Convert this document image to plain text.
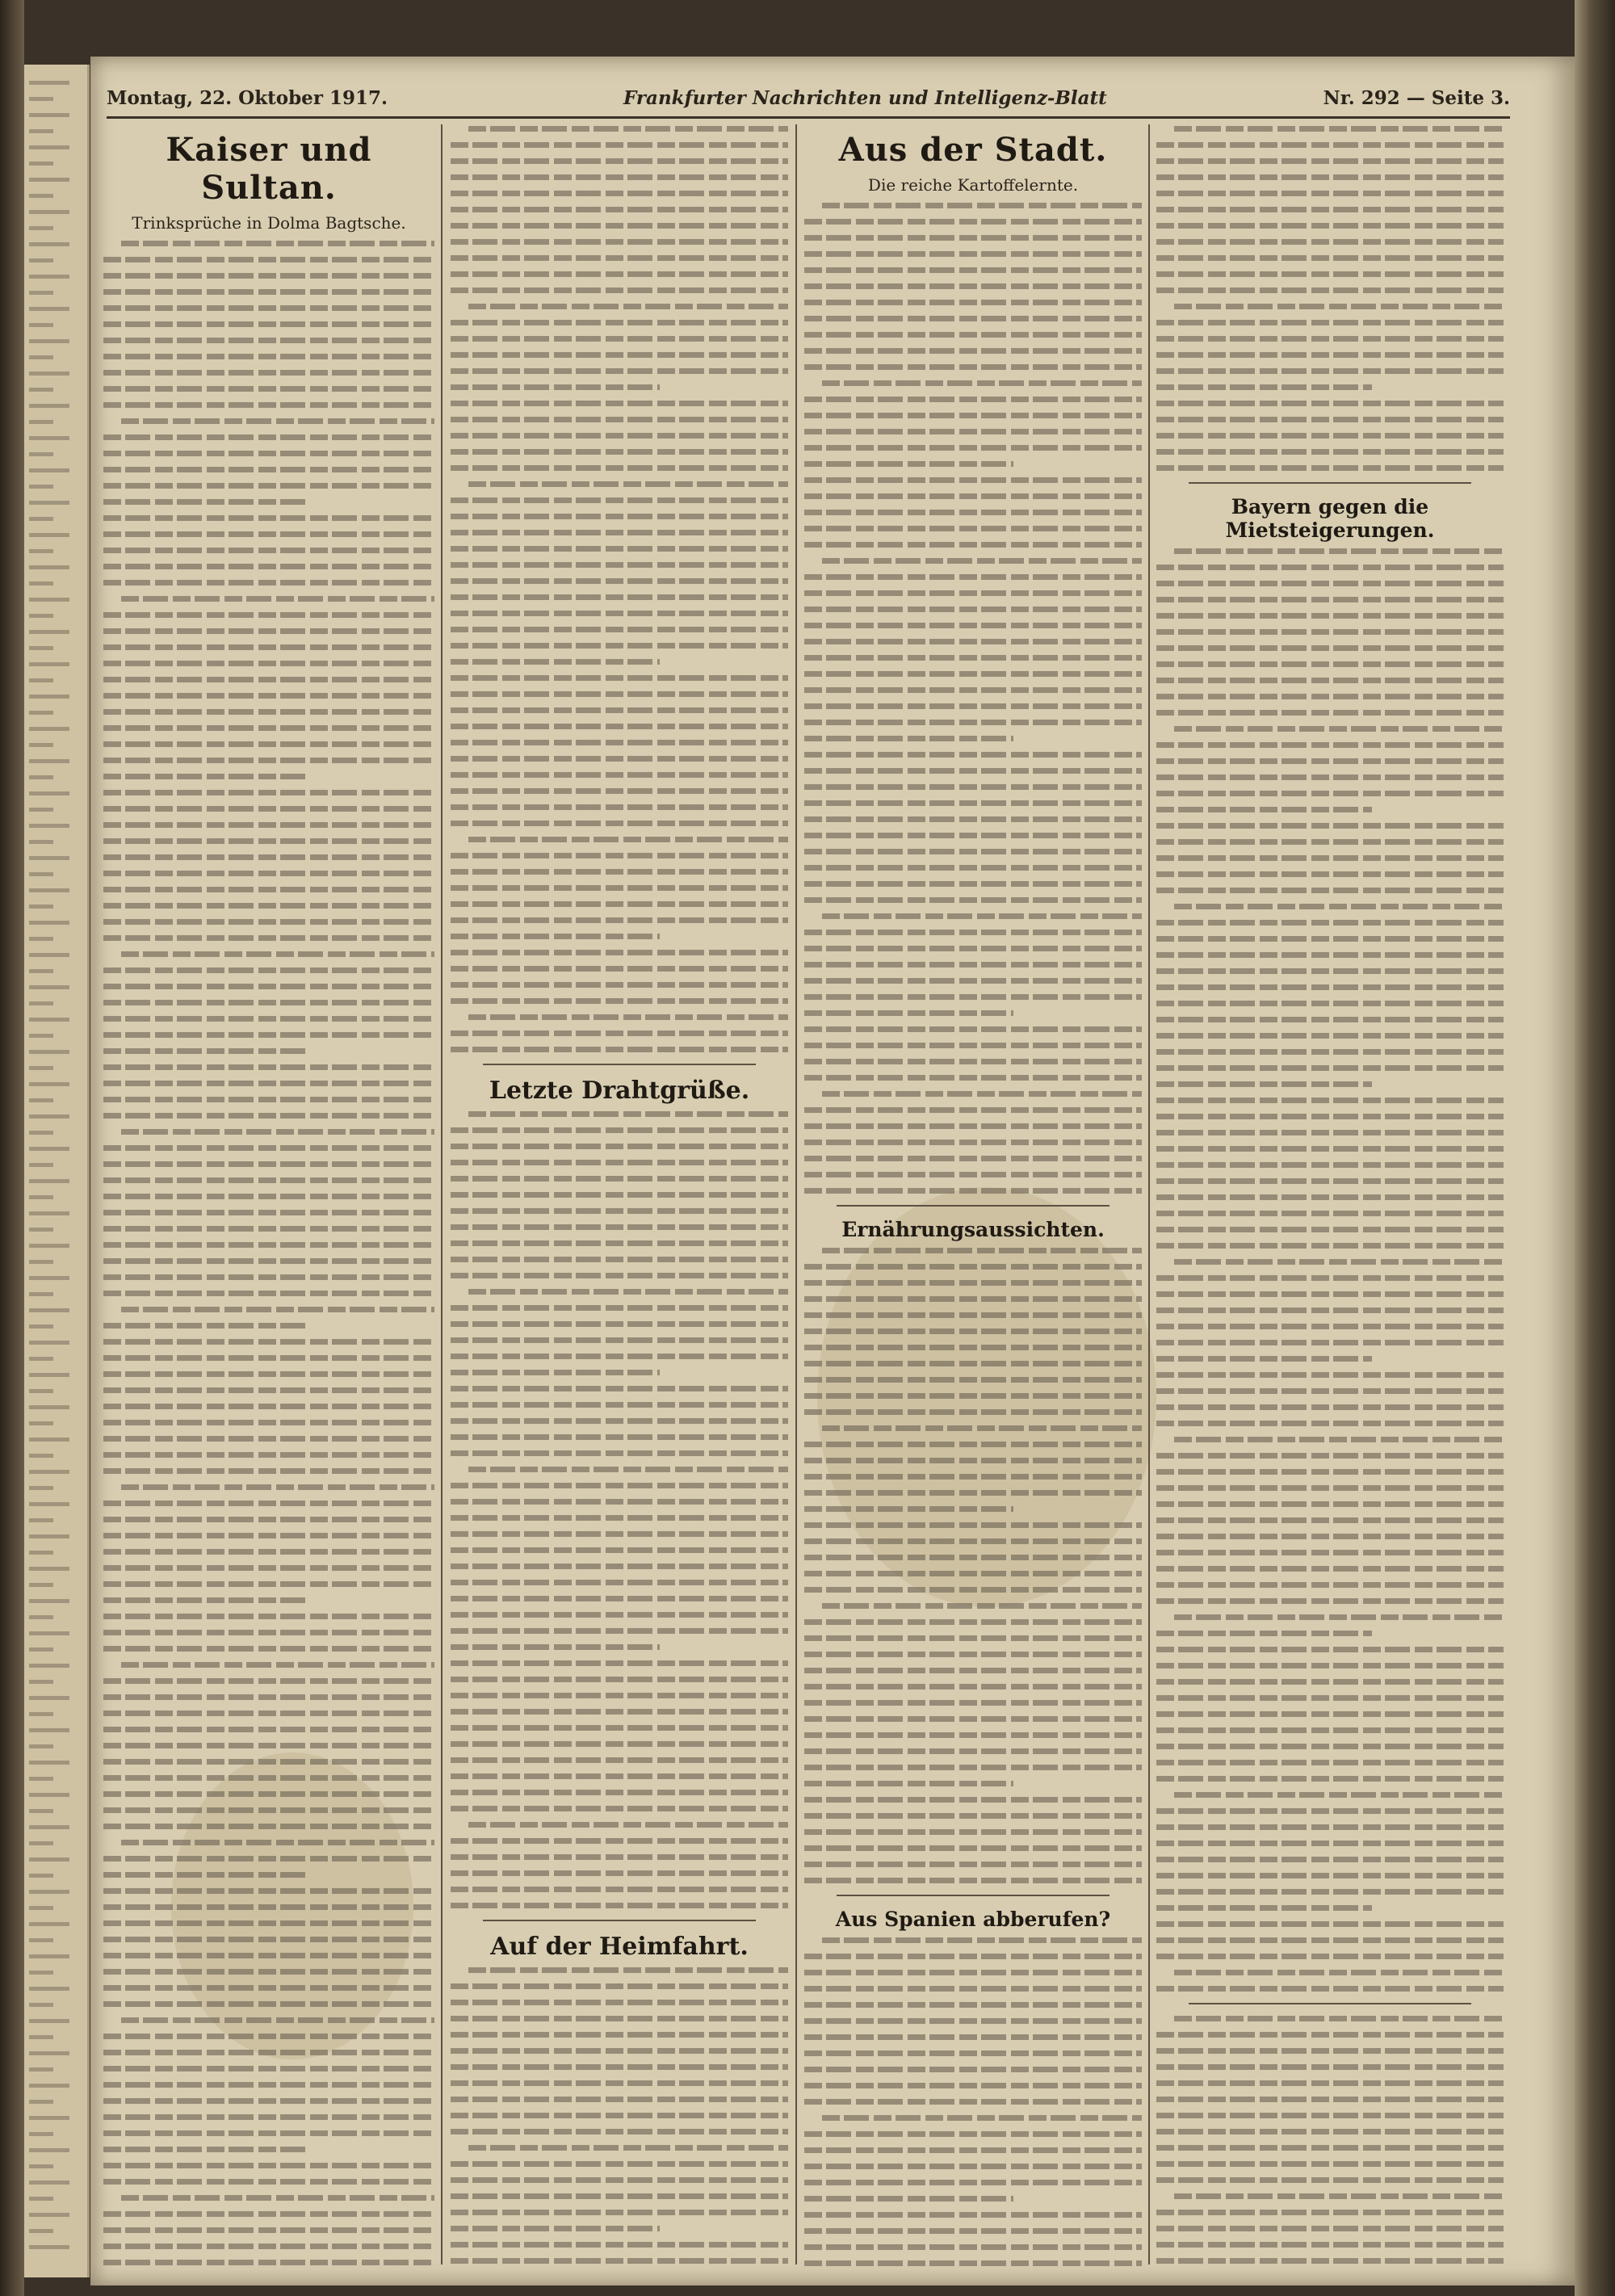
Montag, 22. Oktober 1917.	Frankfurter Nachrichten und Intelligenz-Blatt	Nr. 292 — Seite 3.
Kaiser und Sultan.
Trinksprüche in Dolma Bagtsche.
Letzte Drahtgrüße.
Auf der Heimfahrt.
Aus der Stadt.
Die reiche Kartoffelernte.
Ernährungsaussichten.
Aus Spanien abberufen?
Bayern gegen die Mietsteigerungen.
